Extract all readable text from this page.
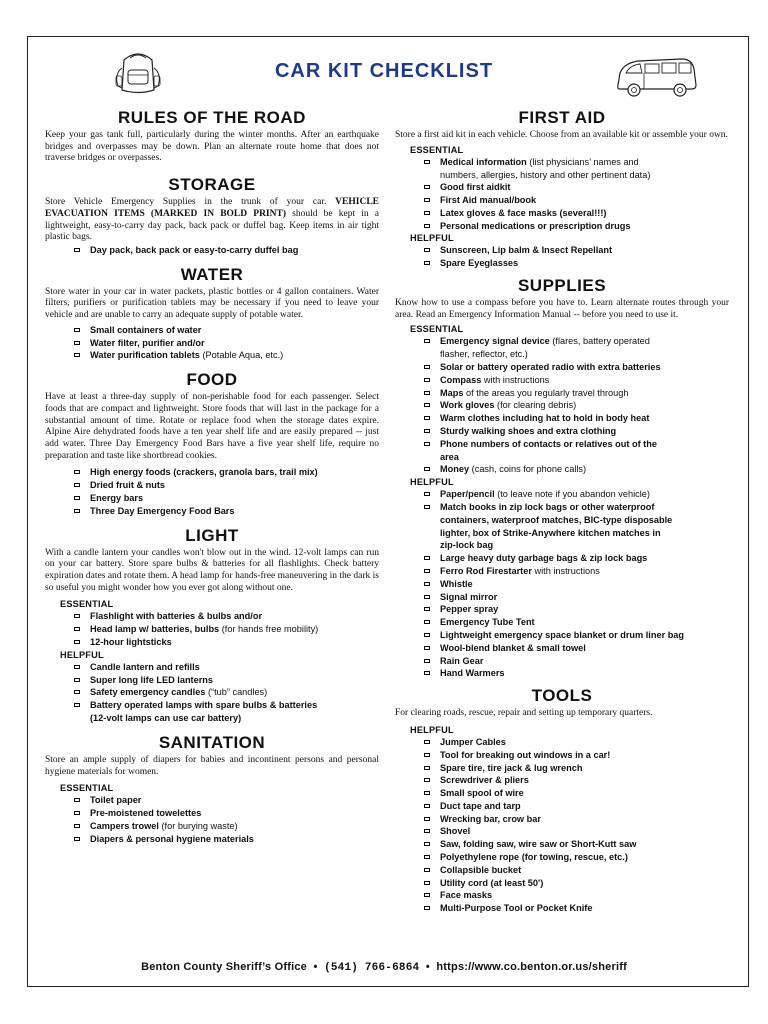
CAR KIT CHECKLIST
RULES OF THE ROAD

Keep your gas tank full, particularly during the winter months. After an earthquake bridges and overpasses may be down. Plan an alternate route home that does not traverse bridges or overpasses.

STORAGE

Store Vehicle Emergency Supplies in the trunk of your car. VEHICLE EVACUATION ITEMS (MARKED IN BOLD PRINT) should be kept in a lightweight, easy-to-carry day pack, back pack or duffel bag. Keep items in air tight plastic bags.

Day pack, back pack or easy-to-carry duffel bag
WATER

Store water in your car in water packets, plastic bottles or 4 gallon containers. Water filters, purifiers or purification tablets may be necessary if you need to leave your vehicle and are unable to carry an adequate supply of potable water.

Small containers of water
Water filter, purifier and/or
Water purification tablets (Potable Aqua, etc.)
FOOD

Have at least a three-day supply of non-perishable food for each passenger. Select foods that are compact and lightweight. Store foods that will last in the package for a substantial amount of time. Rotate or replace food when the storage dates expire. Alpine Aire dehydrated foods have a ten year shelf life and are easily prepared -- just add water. Three Day Emergency Food Bars have a five year shelf life, require no preparation and taste like shortbread cookies.

High energy foods (crackers, granola bars, trail mix)
Dried fruit & nuts
Energy bars
Three Day Emergency Food Bars
LIGHT

With a candle lantern your candles won't blow out in the wind. 12-volt lamps can run on your car battery. Store spare bulbs & batteries for all flashlights. Check battery expiration dates and rotate them. A head lamp for hands-free maneuvering in the dark is so useful you might wonder how you ever got along without one.

ESSENTIAL
Flashlight with batteries & bulbs and/or
Head lamp w/ batteries, bulbs (for hands free mobility)
12-hour lightsticks
HELPFUL
Candle lantern and refills
Super long life LED lanterns
Safety emergency candles (“tub” candles)
Battery operated lamps with spare bulbs & batteries
(12-volt lamps can use car battery)
SANITATION

Store an ample supply of diapers for babies and incontinent persons and personal hygiene materials for women.

ESSENTIAL
Toilet paper
Pre-moistened towelettes
Campers trowel (for burying waste)
Diapers & personal hygiene materials
FIRST AID

Store a first aid kit in each vehicle. Choose from an available kit or assemble your own.

ESSENTIAL
Medical information (list physicians’ names and
numbers, allergies, history and other pertinent data)
Good first aidkit
First Aid manual/book
Latex gloves & face masks (several!!!)
Personal medications or prescription drugs
HELPFUL
Sunscreen, Lip balm & Insect Repellant
Spare Eyeglasses
SUPPLIES

Know how to use a compass before you have to. Learn alternate routes through your area. Read an Emergency Information Manual -- before you need to use it.

ESSENTIAL
Emergency signal device (flares, battery operated
flasher, reflector, etc.)
Solar or battery operated radio with extra batteries
Compass with instructions
Maps of the areas you regularly travel through
Work gloves (for clearing debris)
Warm clothes including hat to hold in body heat
Sturdy walking shoes and extra clothing
Phone numbers of contacts or relatives out of the
area
Money (cash, coins for phone calls)
HELPFUL
Paper/pencil (to leave note if you abandon vehicle)
Match books in zip lock bags or other waterproof
containers, waterproof matches, BIC-type disposable
lighter, box of Strike-Anywhere kitchen matches in
zip-lock bag
Large heavy duty garbage bags & zip lock bags
Ferro Rod Firestarter with instructions
Whistle
Signal mirror
Pepper spray
Emergency Tube Tent
Lightweight emergency space blanket or drum liner bag
Wool-blend blanket & small towel
Rain Gear
Hand Warmers
TOOLS

For clearing roads, rescue, repair and setting up temporary quarters.

HELPFUL
Jumper Cables
Tool for breaking out windows in a car!
Spare tire, tire jack & lug wrench
Screwdriver & pliers
Small spool of wire
Duct tape and tarp
Wrecking bar, crow bar
Shovel
Saw, folding saw, wire saw or Short-Kutt saw
Polyethylene rope (for towing, rescue, etc.)
Collapsible bucket
Utility cord (at least 50')
Face masks
Multi-Purpose Tool or Pocket Knife
Benton County Sheriff’s Office • (541) 766-6864 • https://www.co.benton.or.us/sheriff
